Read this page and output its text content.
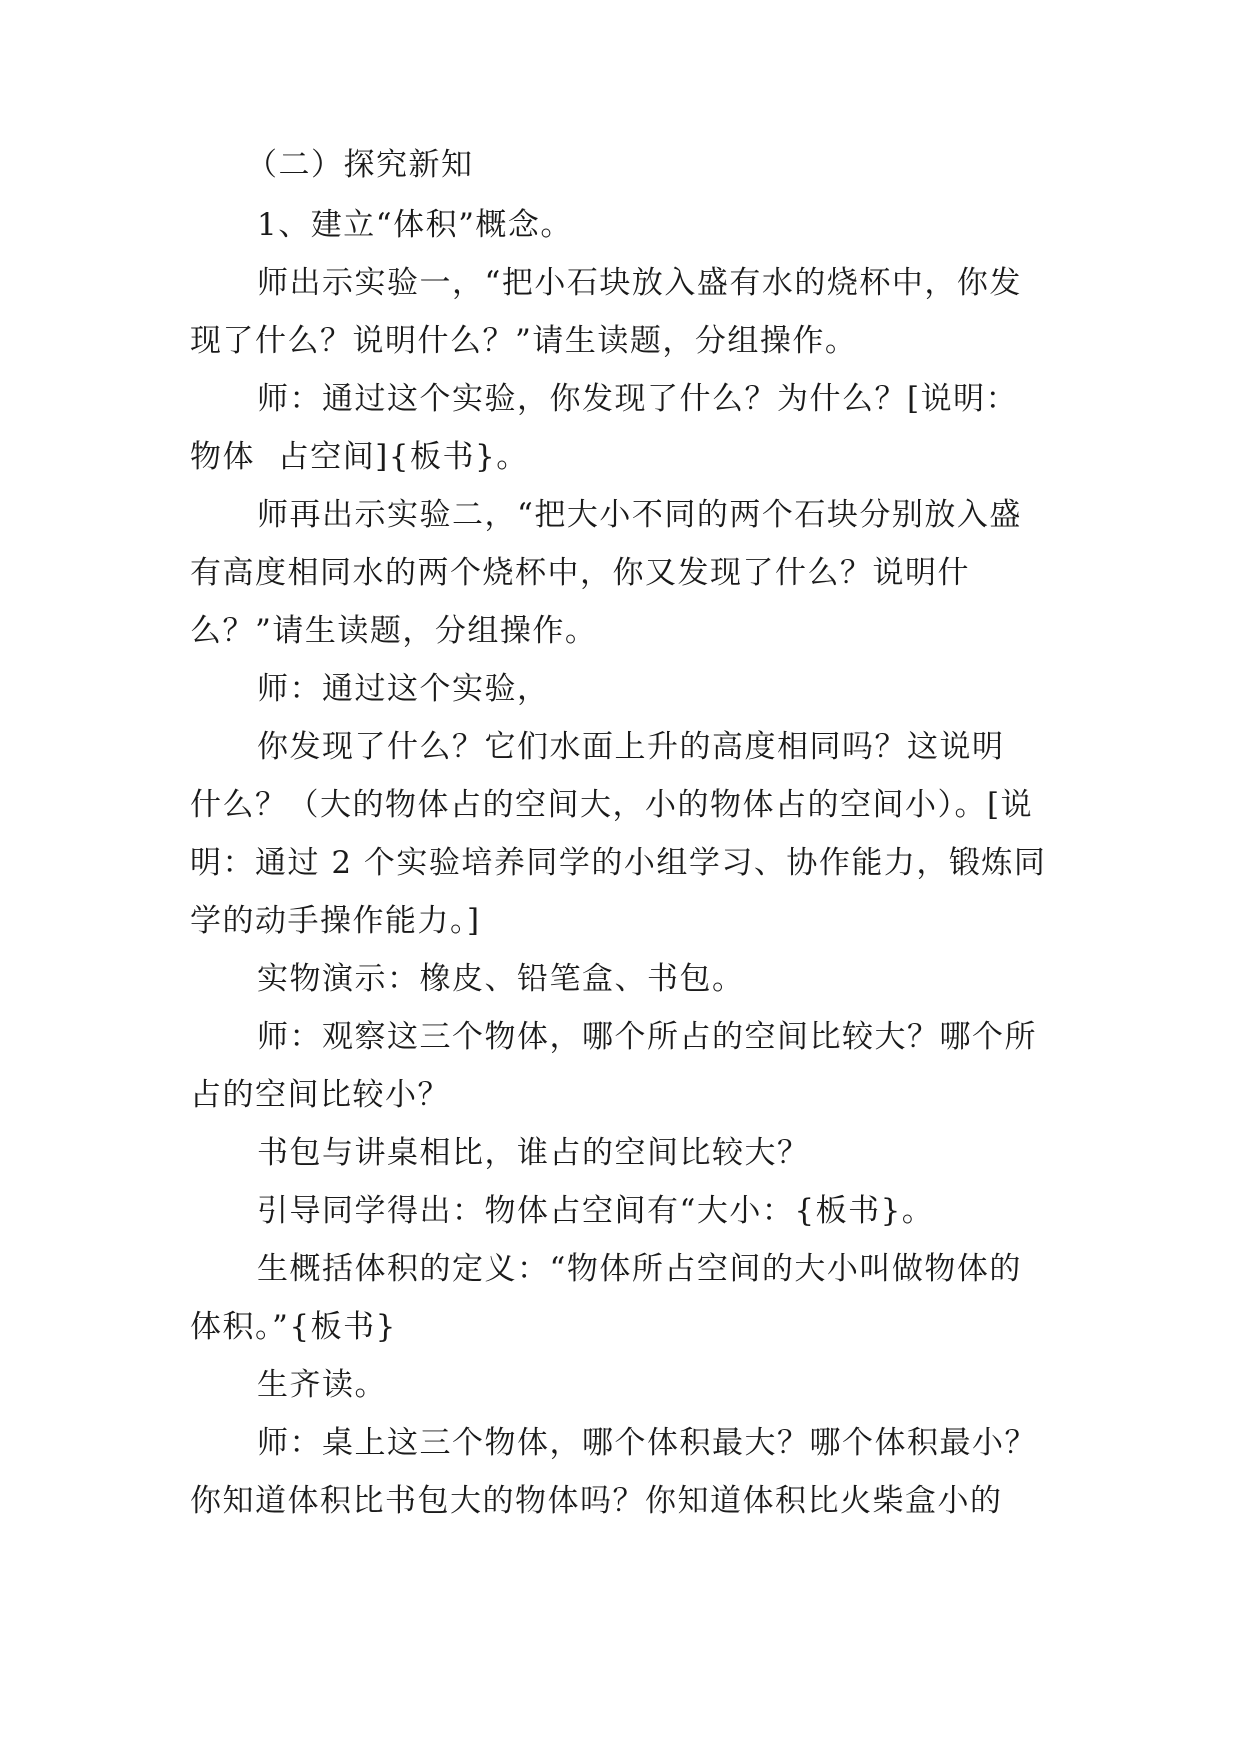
（二）探究新知
1、建立“体积”概念。
师出示实验一，“把小石块放入盛有水的烧杯中，你发
现了什么？说明什么？”请生读题，分组操作。
师：通过这个实验，你发现了什么？为什么？[说明：
物体  占空间]{板书}。
师再出示实验二，“把大小不同的两个石块分别放入盛
有高度相同水的两个烧杯中，你又发现了什么？说明什
么？”请生读题，分组操作。
师：通过这个实验，
你发现了什么？它们水面上升的高度相同吗？这说明
什么？（大的物体占的空间大，小的物体占的空间小）。[说
明：通过 2 个实验培养同学的小组学习、协作能力，锻炼同
学的动手操作能力。]
实物演示：橡皮、铅笔盒、书包。
师：观察这三个物体，哪个所占的空间比较大？哪个所
占的空间比较小？
书包与讲桌相比，谁占的空间比较大？
引导同学得出：物体占空间有“大小：{板书}。
生概括体积的定义：“物体所占空间的大小叫做物体的
体积。”{板书}
生齐读。
师：桌上这三个物体，哪个体积最大？哪个体积最小？
你知道体积比书包大的物体吗？你知道体积比火柴盒小的
